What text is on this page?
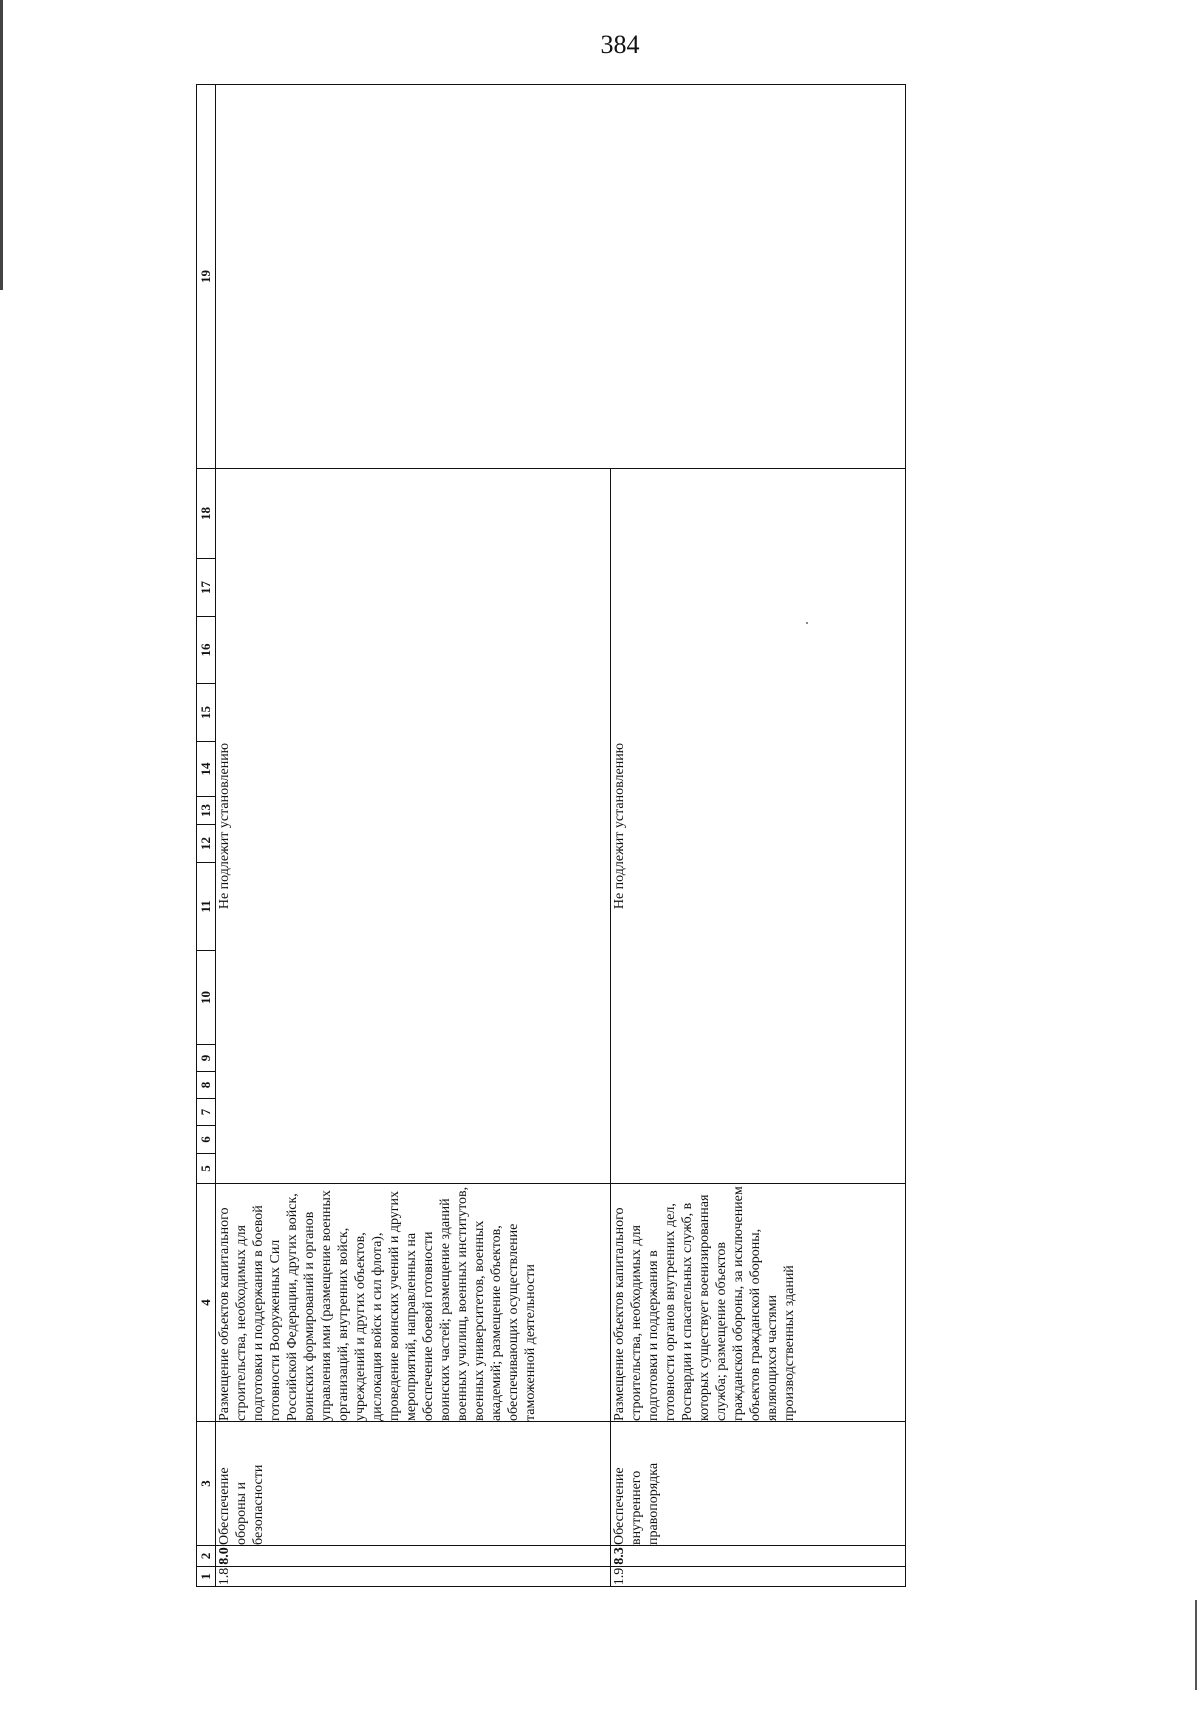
384
1	2	3	4	5	6	7	8	9	10	11	12	13	14	15	16	17	18	19
1.8	8.0	Обеспечение обороны и безопасности	Размещение объектов капитального строительства, необходимых для подготовки и поддержания в боевой готовности Вооруженных Сил Российской Федерации, других войск, воинских формирований и органов управления ими (размещение военных организаций, внутренних войск, учреждений и других объектов, дислокация войск и сил флота), проведение воинских учений и других мероприятий, направленных на обеспечение боевой готовности воинских частей; размещение зданий военных училищ, военных институтов, военных университетов, военных академий; размещение объектов, обеспечивающих осуществление таможенной деятельности	Не подлежит установлению														
1.9	8.3	Обеспечение внутреннего правопорядка	Размещение объектов капитального строительства, необходимых для подготовки и поддержания в готовности органов внутренних дел, Росгвардии и спасательных служб, в которых существует военизированная служба; размещение объектов гражданской обороны, за исключением объектов гражданской обороны, являющихся частями производственных зданий	Не подлежит установлению														
